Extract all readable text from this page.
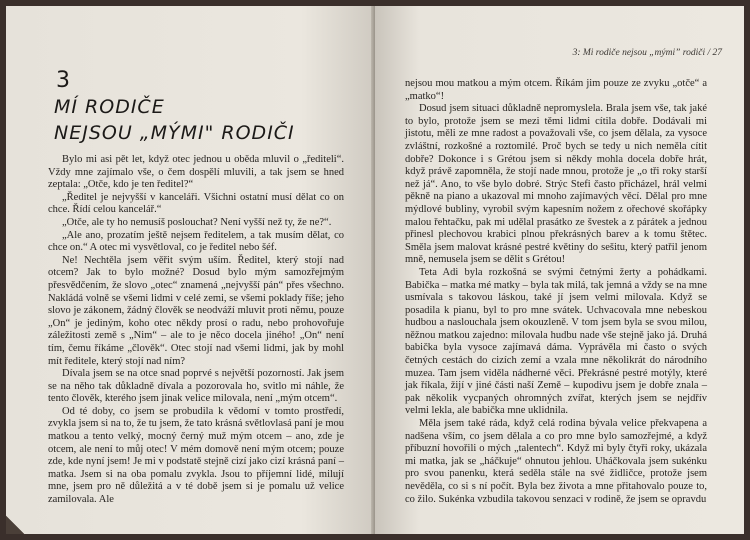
3
MÍ RODIČE
NEJSOU „MÝMI" RODIČI

Bylo mi asi pět let, když otec jednou u oběda mluvil o „řediteli“. Vždy mne zajímalo vše, o čem dospělí mluvili, a tak jsem se hned zeptala: „Otče, kdo je ten ředitel?“

„Ředitel je nejvyšší v kanceláři. Všichni ostatní musí dělat co on chce. Řídí celou kancelář.“

„Otče, ale ty ho nemusíš poslouchat? Není vyšší než ty, že ne?“.

„Ale ano, prozatím ještě nejsem ředitelem, a tak musím dělat, co chce on.“ A otec mi vysvětloval, co je ředitel nebo šéf.

Ne! Nechtěla jsem věřit svým uším. Ředitel, který stojí nad otcem? Jak to bylo možné? Dosud bylo mým samozřejmým přesvědčením, že slovo „otec“ znamená „nejvyšší pán“ přes všechno. Nakládá volně se všemi lidmi v celé zemi, se všemi poklady říše; jeho slovo je zákonem, žádný člověk se neodváží mluvit proti němu, pouze „On“ je jediným, koho otec někdy prosí o radu, nebo prohovořuje záležitosti země s „Nim“ – ale to je něco docela jiného! „On“ není tím, čemu říkáme „člověk“. Otec stojí nad všemi lidmi, jak by mohl mít ředitele, který stojí nad ním?

Dívala jsem se na otce snad poprvé s největší pozorností. Jak jsem se na něho tak důkladně dívala a pozorovala ho, svitlo mi náhle, že tento člověk, kterého jsem jinak velice milovala, není „mým otcem“.

Od té doby, co jsem se probudila k vědomí v tomto prostředí, zvykla jsem si na to, že tu jsem, že tato krásná světlovlasá paní je mou matkou a tento velký, mocný černý muž mým otcem – ano, zde je otcem, ale není to můj otec! V mém domově není mým otcem; pouze zde, kde nyní jsem! Je mi v podstatě stejně cizí jako cizí krásná paní – matka. Jsem si na oba pomalu zvykla. Jsou to příjemní lidé, milují mne, jsem pro ně důležitá a v té době jsem si je pomalu už velice zamilovala. Ale

3: Mi rodiče nejsou „mými” rodiči / 27

nejsou mou matkou a mým otcem. Říkám jim pouze ze zvyku „otče“ a „matko“!

Dosud jsem situaci důkladně nepromyslela. Brala jsem vše, tak jaké to bylo, protože jsem se mezi těmi lidmi cítila dobře. Dodávali mi jistotu, měli ze mne radost a považovali vše, co jsem dělala, za vysoce zvláštní, rozkošné a roztomilé. Proč bych se tedy u nich neměla cítit dobře? Dokonce i s Grétou jsem si někdy mohla docela dobře hrát, když právě zapomněla, že stojí nade mnou, protože je „o tři roky starší než já“. Ano, to vše bylo dobré. Strýc Stefi často přicházel, hrál velmi pěkně na piano a ukazoval mi mnoho zajímavých věcí. Dělal pro mne mýdlové bubliny, vyrobil svým kapesním nožem z ořechové skořápky malou řehtačku, pak mi udělal prasátko ze švestek a z párátek a jednou přinesl plechovou krabici plnou překrásných barev a k tomu štětec. Směla jsem malovat krásné pestré květiny do sešitu, který patřil jenom mně, nemusela jsem se dělit s Grétou!

Teta Adi byla rozkošná se svými četnými žerty a pohádkami. Babička – matka mé matky – byla tak milá, tak jemná a vždy se na mne usmívala s takovou láskou, také jí jsem velmi milovala. Když se posadila k pianu, byl to pro mne svátek. Uchvacovala mne nebeskou hudbou a naslouchala jsem okouzleně. V tom jsem byla se svou milou, něžnou matkou zajedno: milovala hudbu nade vše stejně jako já. Druhá babička byla vysoce zajímavá dáma. Vyprávěla mi často o svých četných cestách do cizích zemí a vzala mne několikrát do národního muzea. Tam jsem viděla nádherné věci. Překrásné pestré motýly, které jak říkala, žijí v jiné části naší Země – kupodivu jsem je dobře znala – pak několik vycpaných ohromných zvířat, kterých jsem se nejdřív velmi lekla, ale babička mne uklidnila.

Měla jsem také ráda, když celá rodina bývala velice překvapena a nadšena vším, co jsem dělala a co pro mne bylo samozřejmé, a když příbuzní hovořili o mých „talentech“. Když mi byly čtyři roky, ukázala mi matka, jak se „háčkuje“ ohnutou jehlou. Uháčkovala jsem sukénku pro svou panenku, která seděla stále na své židličce, protože jsem nevěděla, co si s ní počít. Byla bez života a mne přitahovalo pouze to, co žilo. Sukénka vzbudila takovou senzaci v rodině, že jsem se opravdu
